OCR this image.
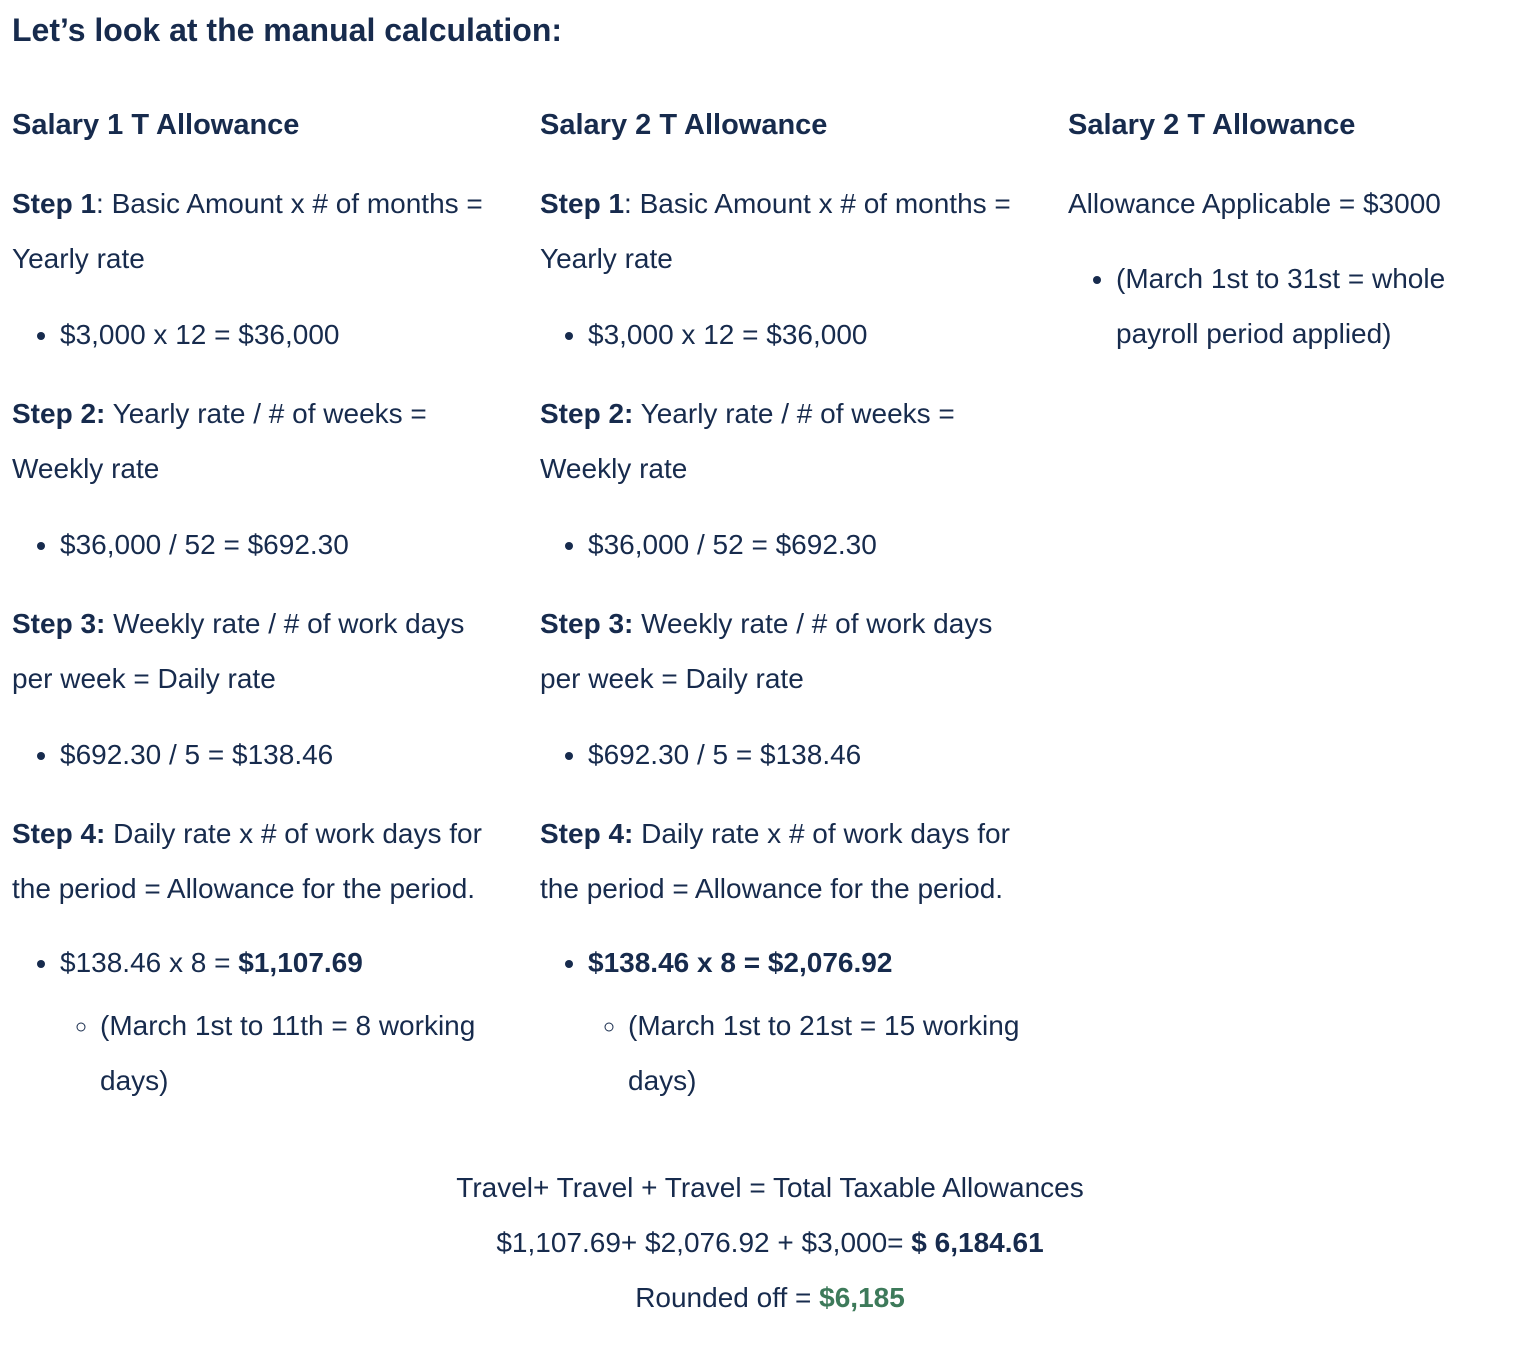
Let’s look at the manual calculation:
Salary 1 T Allowance

Step 1: Basic Amount x # of months = Yearly rate

• $3,000 x 12 = $36,000

Step 2: Yearly rate / # of weeks = Weekly rate

• $36,000 / 52 = $692.30

Step 3: Weekly rate / # of work days per week = Daily rate

• $692.30 / 5 = $138.46

Step 4: Daily rate x # of work days for the period = Allowance for the period.

• $138.46 x 8 = $1,107.69
◦ (March 1st to 11th = 8 working days)
Salary 2 T Allowance

Step 1: Basic Amount x # of months = Yearly rate

• $3,000 x 12 = $36,000

Step 2: Yearly rate / # of weeks = Weekly rate

• $36,000 / 52 = $692.30

Step 3: Weekly rate / # of work days per week = Daily rate

• $692.30 / 5 = $138.46

Step 4: Daily rate x # of work days for the period = Allowance for the period.

• $138.46 x 8 = $2,076.92
◦ (March 1st to 21st = 15 working days)
Salary 2 T Allowance

Allowance Applicable = $3000

• (March 1st to 31st = whole payroll period applied)
Travel+ Travel + Travel = Total Taxable Allowances
$1,107.69+ $2,076.92 + $3,000= $ 6,184.61
Rounded off = $6,185
